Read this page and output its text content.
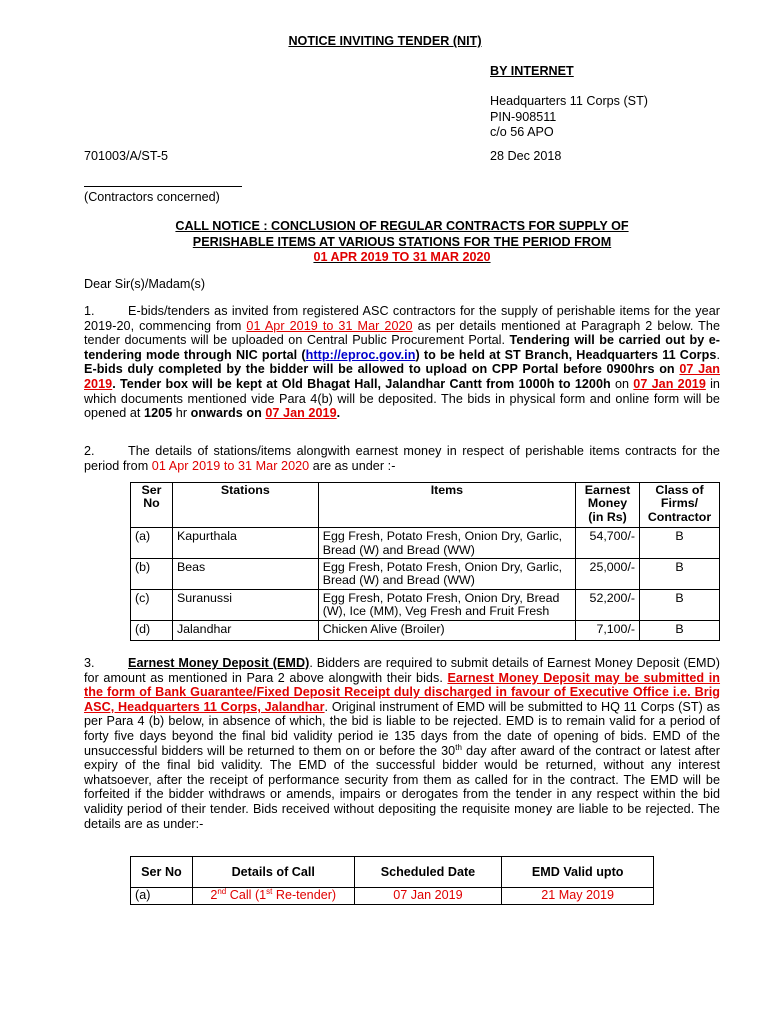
NOTICE INVITING TENDER (NIT)
BY INTERNET
Headquarters 11 Corps (ST)
PIN-908511
c/o 56 APO
701003/A/ST-5	28 Dec 2018
(Contractors concerned)
CALL NOTICE : CONCLUSION OF REGULAR CONTRACTS FOR SUPPLY OF
PERISHABLE ITEMS AT VARIOUS STATIONS FOR THE PERIOD FROM
01 APR 2019 TO 31 MAR 2020
Dear Sir(s)/Madam(s)
1.	E-bids/tenders as invited from registered ASC contractors for the supply of perishable items for the year 2019-20, commencing from 01 Apr 2019 to 31 Mar 2020 as per details mentioned at Paragraph 2 below. The tender documents will be uploaded on Central Public Procurement Portal. Tendering will be carried out by e-tendering mode through NIC portal (http://eproc.gov.in) to be held at ST Branch, Headquarters 11 Corps. E-bids duly completed by the bidder will be allowed to upload on CPP Portal before 0900hrs on 07 Jan 2019. Tender box will be kept at Old Bhagat Hall, Jalandhar Cantt from 1000h to 1200h on 07 Jan 2019 in which documents mentioned vide Para 4(b) will be deposited. The bids in physical form and online form will be opened at 1205 hr onwards on 07 Jan 2019.
2.	The details of stations/items alongwith earnest money in respect of perishable items contracts for the period from 01 Apr 2019 to 31 Mar 2020 are as under :-
Ser No	Stations	Items	Earnest Money (in Rs)	Class of Firms/ Contractor
(a)	Kapurthala	Egg Fresh, Potato Fresh, Onion Dry, Garlic, Bread (W) and Bread (WW)	54,700/-	B
(b)	Beas	Egg Fresh, Potato Fresh, Onion Dry, Garlic, Bread (W) and Bread (WW)	25,000/-	B
(c)	Suranussi	Egg Fresh, Potato Fresh, Onion Dry, Bread (W), Ice (MM), Veg Fresh and Fruit Fresh	52,200/-	B
(d)	Jalandhar	Chicken Alive (Broiler)	7,100/-	B
3.	Earnest Money Deposit (EMD). Bidders are required to submit details of Earnest Money Deposit (EMD) for amount as mentioned in Para 2 above alongwith their bids. Earnest Money Deposit may be submitted in the form of Bank Guarantee/Fixed Deposit Receipt duly discharged in favour of Executive Office i.e. Brig ASC, Headquarters 11 Corps, Jalandhar. Original instrument of EMD will be submitted to HQ 11 Corps (ST) as per Para 4 (b) below, in absence of which, the bid is liable to be rejected. EMD is to remain valid for a period of forty five days beyond the final bid validity period ie 135 days from the date of opening of bids. EMD of the unsuccessful bidders will be returned to them on or before the 30th day after award of the contract or latest after expiry of the final bid validity. The EMD of the successful bidder would be returned, without any interest whatsoever, after the receipt of performance security from them as called for in the contract. The EMD will be forfeited if the bidder withdraws or amends, impairs or derogates from the tender in any respect within the bid validity period of their tender. Bids received without depositing the requisite money are liable to be rejected. The details are as under:-
Ser No	Details of Call	Scheduled Date	EMD Valid upto
(a)	2nd Call (1st Re-tender)	07 Jan 2019	21 May 2019
